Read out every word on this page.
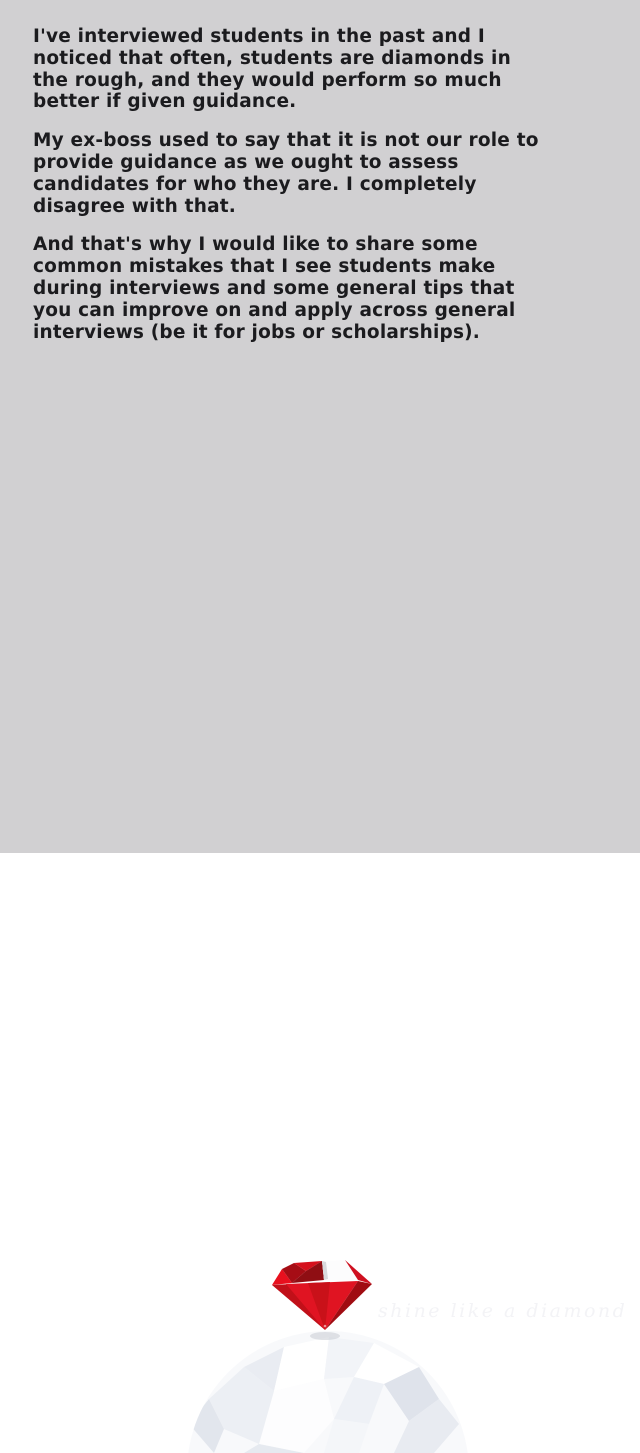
I've interviewed students in the past and I
noticed that often, students are diamonds in
the rough, and they would perform so much
better if given guidance.
My ex-boss used to say that it is not our role to
provide guidance as we ought to assess
candidates for who they are. I completely
disagree with that.
And that's why I would like to share some
common mistakes that I see students make
during interviews and some general tips that
you can improve on and apply across general
interviews (be it for jobs or scholarships).
shine like a diamond
